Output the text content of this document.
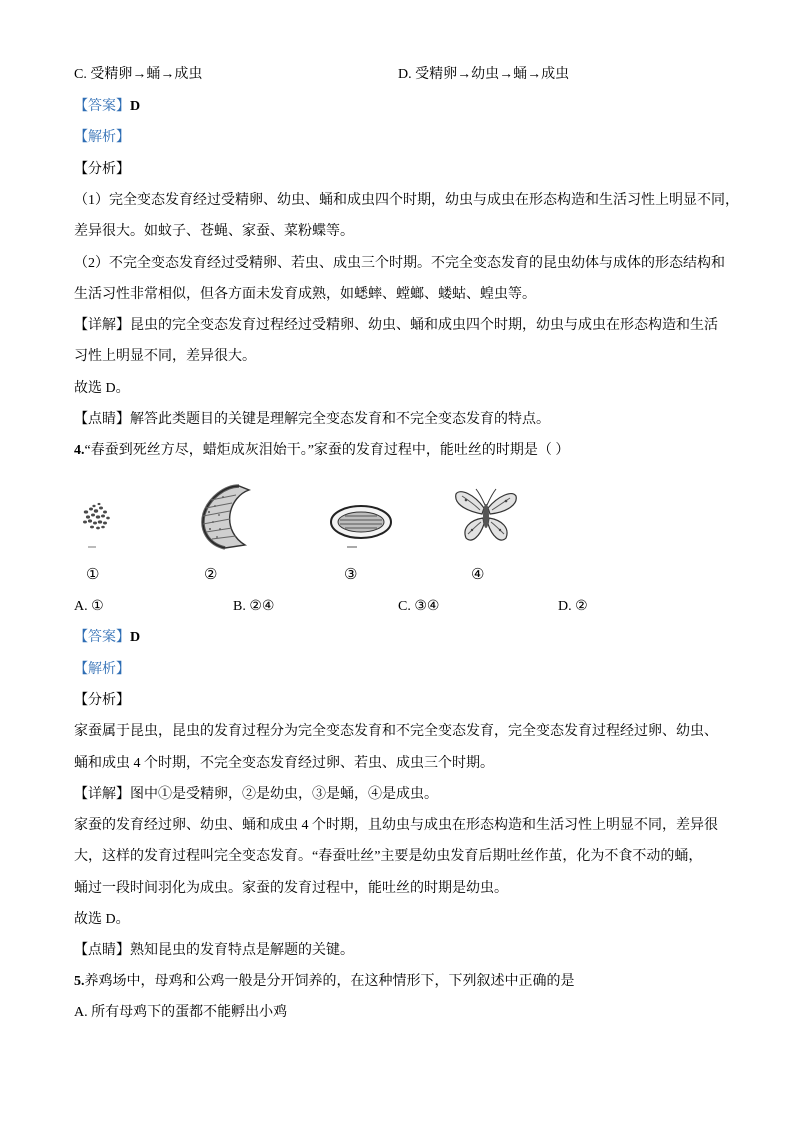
C. 受精卵→蛹→成虫	D. 受精卵→幼虫→蛹→成虫
【答案】D
【解析】
【分析】
（1）完全变态发育经过受精卵、幼虫、蛹和成虫四个时期，幼虫与成虫在形态构造和生活习性上明显不同，
差异很大。如蚊子、苍蝇、家蚕、菜粉蝶等。
（2）不完全变态发育经过受精卵、若虫、成虫三个时期。不完全变态发育的昆虫幼体与成体的形态结构和
生活习性非常相似，但各方面未发育成熟，如蟋蟀、螳螂、蝼蛄、蝗虫等。
【详解】昆虫的完全变态发育过程经过受精卵、幼虫、蛹和成虫四个时期，幼虫与成虫在形态构造和生活
习性上明显不同，差异很大。
故选 D。
【点睛】解答此类题目的关键是理解完全变态发育和不完全变态发育的特点。
4.“春蚕到死丝方尽，蜡炬成灰泪始干。”家蚕的发育过程中，能吐丝的时期是（ ）
①	②	③	④
A. ①	B. ②④	C. ③④	D. ②
【答案】D
【解析】
【分析】
家蚕属于昆虫，昆虫的发育过程分为完全变态发育和不完全变态发育，完全变态发育过程经过卵、幼虫、
蛹和成虫 4 个时期，不完全变态发育经过卵、若虫、成虫三个时期。
【详解】图中①是受精卵，②是幼虫，③是蛹，④是成虫。
家蚕的发育经过卵、幼虫、蛹和成虫 4 个时期，且幼虫与成虫在形态构造和生活习性上明显不同，差异很
大，这样的发育过程叫完全变态发育。“春蚕吐丝”主要是幼虫发育后期吐丝作茧，化为不食不动的蛹，
蛹过一段时间羽化为成虫。家蚕的发育过程中，能吐丝的时期是幼虫。
故选 D。
【点睛】熟知昆虫的发育特点是解题的关键。
5.养鸡场中，母鸡和公鸡一般是分开饲养的，在这种情形下，下列叙述中正确的是
A. 所有母鸡下的蛋都不能孵出小鸡
